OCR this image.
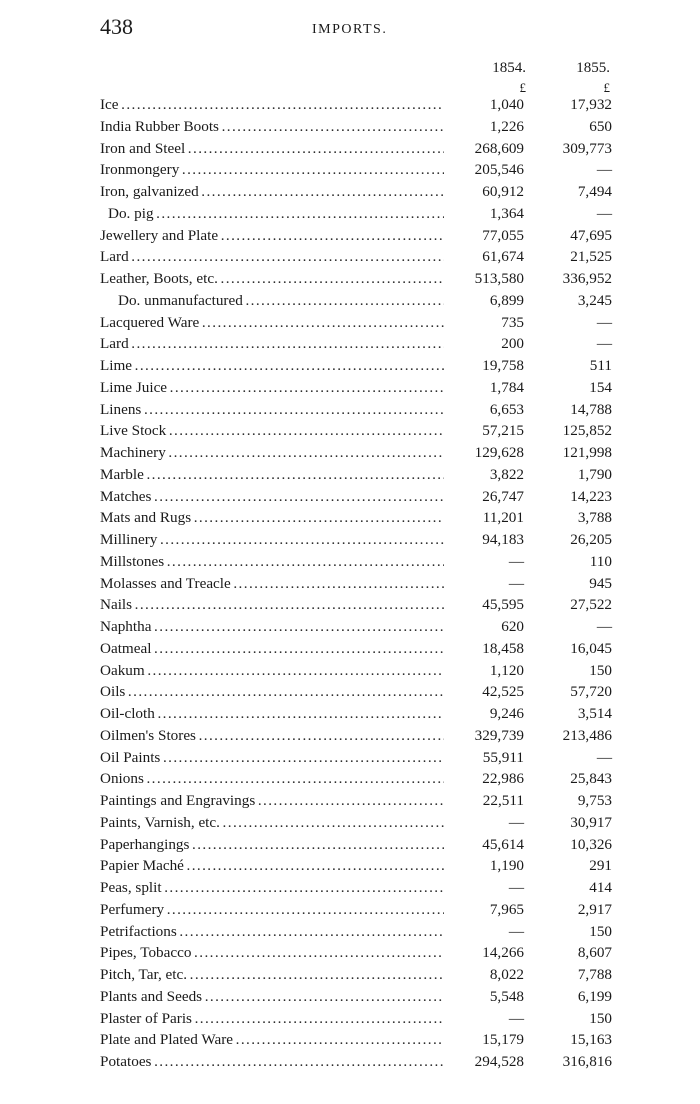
438	IMPORTS.
1854.	1855.
£	£
Ice . . .	1,040	17,932
India Rubber Boots . . .	1,226	650
Iron and Steel . . .	268,609	309,773
Ironmongery . . .	205,546	—
Iron, galvanized . . .	60,912	7,494
Do. pig . . .	1,364	—
Jewellery and Plate . . .	77,055	47,695
Lard . . .	61,674	21,525
Leather, Boots, etc. . . .	513,580	336,952
Do. unmanufactured . . .	6,899	3,245
Lacquered Ware . . .	735	—
Lard . . .	200	—
Lime . . .	19,758	511
Lime Juice . . .	1,784	154
Linens . . .	6,653	14,788
Live Stock . . .	57,215	125,852
Machinery . . .	129,628	121,998
Marble . . .	3,822	1,790
Matches . . .	26,747	14,223
Mats and Rugs . . .	11,201	3,788
Millinery . . .	94,183	26,205
Millstones . . .	—	110
Molasses and Treacle . . .	—	945
Nails . . .	45,595	27,522
Naphtha . . .	620	—
Oatmeal . . .	18,458	16,045
Oakum . . .	1,120	150
Oils . . .	42,525	57,720
Oil-cloth . . .	9,246	3,514
Oilmen's Stores . . .	329,739	213,486
Oil Paints . . .	55,911	—
Onions . . .	22,986	25,843
Paintings and Engravings . . .	22,511	9,753
Paints, Varnish, etc. . . .	—	30,917
Paperhangings . . .	45,614	10,326
Papier Maché . . .	1,190	291
Peas, split . . .	—	414
Perfumery . . .	7,965	2,917
Petrifactions . . .	—	150
Pipes, Tobacco . . .	14,266	8,607
Pitch, Tar, etc. . . .	8,022	7,788
Plants and Seeds . . .	5,548	6,199
Plaster of Paris . . .	—	150
Plate and Plated Ware . . .	15,179	15,163
Potatoes . . .	294,528	316,816
